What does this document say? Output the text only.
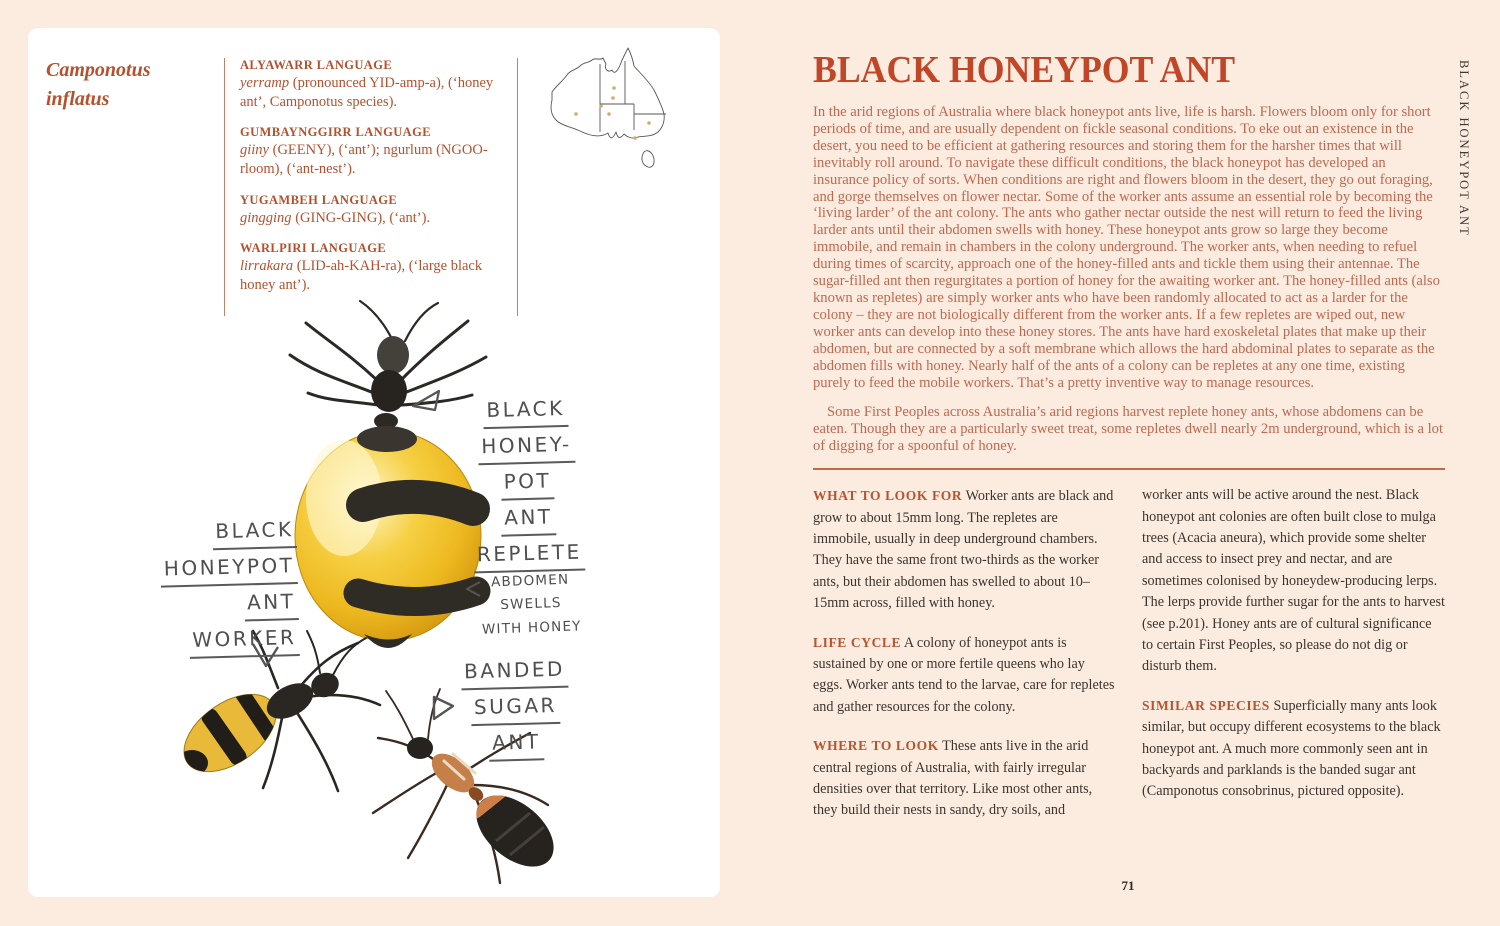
Camponotus
inflatus
ALYAWARR LANGUAGE
yerramp (pronounced YID-amp-a), (‘honey ant’, Camponotus species).
GUMBAYNGGIRR LANGUAGE
giiny (GEENY), (‘ant’); ngurlum (NGOO-rloom), (‘ant-nest’).
YUGAMBEH LANGUAGE
gingging (GING-GING), (‘ant’).
WARLPIRI LANGUAGE
lirrakara (LID-ah-KAH-ra), (‘large black honey ant’).
BLACK
HONEY-
POT
ANT
REPLETE
BLACK
HONEYPOT
ANT
WORKER
ABDOMEN
SWELLS
WITH HONEY
BANDED
SUGAR
ANT
BLACK HONEYPOT ANT

In the arid regions of Australia where black honeypot ants live, life is harsh. Flowers bloom only for short periods of time, and are usually dependent on fickle seasonal conditions. To eke out an existence in the desert, you need to be efficient at gathering resources and storing them for the harsher times that will inevitably roll around. To navigate these difficult conditions, the black honeypot has developed an insurance policy of sorts. When conditions are right and flowers bloom in the desert, they go out foraging, and gorge themselves on flower nectar. Some of the worker ants assume an essential role by becoming the ‘living larder’ of the ant colony. The ants who gather nectar outside the nest will return to feed the living larder ants until their abdomen swells with honey. These honeypot ants grow so large they become immobile, and remain in chambers in the colony underground. The worker ants, when needing to refuel during times of scarcity, approach one of the honey-filled ants and tickle them using their antennae. The sugar-filled ant then regurgitates a portion of honey for the awaiting worker ant. The honey-filled ants (also known as repletes) are simply worker ants who have been randomly allocated to act as a larder for the colony – they are not biologically different from the worker ants. If a few repletes are wiped out, new worker ants can develop into these honey stores. The ants have hard exoskeletal plates that make up their abdomen, but are connected by a soft membrane which allows the hard abdominal plates to separate as the abdomen fills with honey. Nearly half of the ants of a colony can be repletes at any one time, existing purely to feed the mobile workers. That’s a pretty inventive way to manage resources.

Some First Peoples across Australia’s arid regions harvest replete honey ants, whose abdomens can be eaten. Though they are a particularly sweet treat, some repletes dwell nearly 2m underground, which is a lot of digging for a spoonful of honey.

WHAT TO LOOK FOR Worker ants are black and grow to about 15mm long. The repletes are immobile, usually in deep underground chambers. They have the same front two-thirds as the worker ants, but their abdomen has swelled to about 10–15mm across, filled with honey.

LIFE CYCLE A colony of honeypot ants is sustained by one or more fertile queens who lay eggs. Worker ants tend to the larvae, care for repletes and gather resources for the colony.

WHERE TO LOOK These ants live in the arid central regions of Australia, with fairly irregular densities over that territory. Like most other ants, they build their nests in sandy, dry soils, and

worker ants will be active around the nest. Black honeypot ant colonies are often built close to mulga trees (Acacia aneura), which provide some shelter and access to insect prey and nectar, and are sometimes colonised by honeydew-producing lerps. The lerps provide further sugar for the ants to harvest (see p.201). Honey ants are of cultural significance to certain First Peoples, so please do not dig or disturb them.

SIMILAR SPECIES Superficially many ants look similar, but occupy different ecosystems to the black honeypot ant. A much more commonly seen ant in backyards and parklands is the banded sugar ant (Camponotus consobrinus, pictured opposite).

BLACK HONEYPOT ANT
71
